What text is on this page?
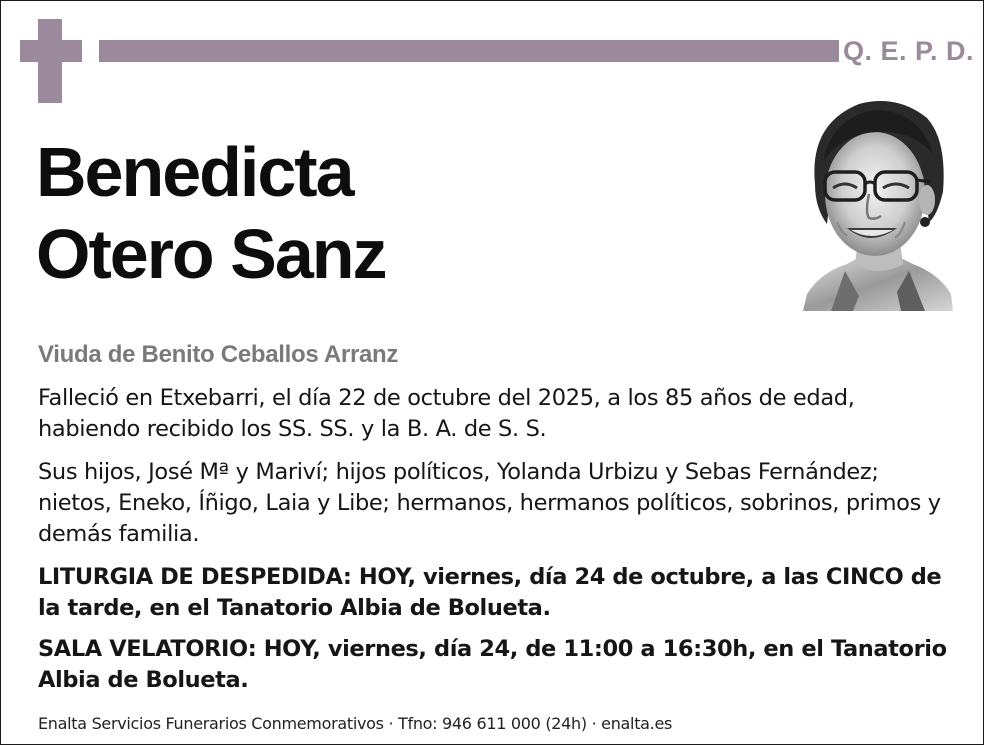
Q. E. P. D.
Benedicta
Otero Sanz
Viuda de Benito Ceballos Arranz
Falleció en Etxebarri, el día 22 de octubre del 2025, a los 85 años de edad, habiendo recibido los SS. SS. y la B. A. de S. S.
Sus hijos, José Mª y Mariví; hijos políticos, Yolanda Urbizu y Sebas Fernández; nietos, Eneko, Íñigo, Laia y Libe; hermanos, hermanos políticos, sobrinos, primos y demás familia.
LITURGIA DE DESPEDIDA: HOY, viernes, día 24 de octubre, a las CINCO de la tarde, en el Tanatorio Albia de Bolueta.
SALA VELATORIO: HOY, viernes, día 24, de 11:00 a 16:30h, en el Tanatorio Albia de Bolueta.
Enalta Servicios Funerarios Conmemorativos · Tfno: 946 611 000 (24h) · enalta.es
